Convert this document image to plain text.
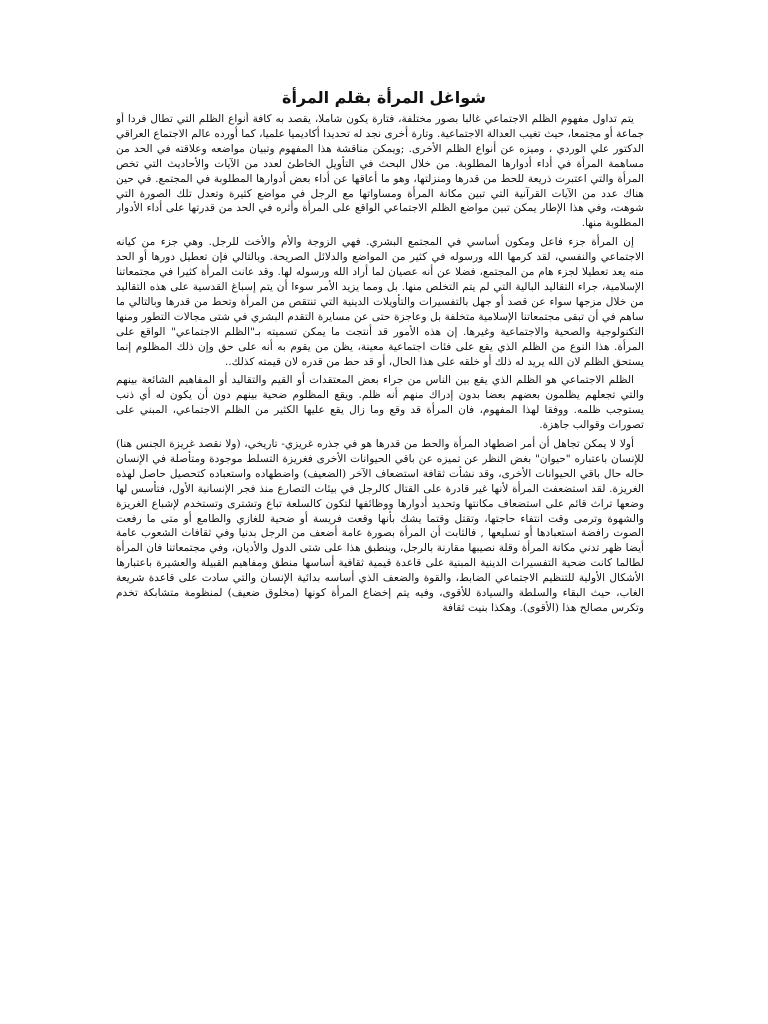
شواغل المرأة بقلم المرأة

يتم تداول مفهوم الظلم الاجتماعي غالبا بصور مختلفة، فتارة يكون شاملا، يقصد به كافة أنواع الظلم التي تطال فردا أو جماعة أو مجتمعا، حيث تغيب العدالة الاجتماعية. وتارة أخرى نجد له تحديدا أكاديميا علميا، كما أورده عالم الاجتماع العراقي الدكتور علي الوردي ، وميزه عن أنواع الظلم الأخرى. ;ويمكن مناقشة هذا المفهوم وتبيان مواضعه وعلاقته في الحد من مساهمة المرأة في أداء أدوارها المطلوبة. من خلال البحث في التأويل الخاطئ لعدد من الآيات والأحاديث التي تخص المرأة والتي اعتبرت ذريعة للحط من قدرها ومنزلتها، وهو ما أعاقها عن أداء بعض أدوارها المطلوبة في المجتمع. في حين هناك عدد من الآيات القرآنية التي تبين مكانة المرأة ومساواتها مع الرجل في مواضع كثيرة وتعدل تلك الصورة التي شوهت، وفي هذا الإطار يمكن تبين مواضع الظلم الاجتماعي الواقع على المرأة وأثره في الحد من قدرتها على أداء الأدوار المطلوبة منها.

إن المرأة جزء فاعل ومكون أساسي في المجتمع البشري. فهي الزوجة والأم والأخت للرجل. وهي جزء من كيانه الاجتماعي والنفسي، لقد كرمها الله ورسوله في كثير من المواضع والدلائل الصريحة. وبالتالي فإن تعطيل دورها أو الحد منه يعد تعطيلا لجزء هام من المجتمع، فضلا عن أنه عصيان لما أراد الله ورسوله لها. وقد عانت المرأة كثيرا في مجتمعاتنا الإسلامية، جراء التقاليد البالية التي لم يتم التخلص منها. بل ومما يزيد الأمر سوءا أن يتم إسباغ القدسية على هذه التقاليد من خلال مزجها سواء عن قصد أو جهل بالتفسيرات والتأويلات الدينية التي تنتقص من المرأة وتحط من قدرها وبالتالي ما ساهم في أن تبقى مجتمعاتنا الإسلامية متخلفة بل وعاجزة حتى عن مسايرة التقدم البشري في شتى مجالات التطور ومنها التكنولوجية والصحية والاجتماعية وغيرها. إن هذه الأمور قد أنتجت ما يمكن تسميته بـ"الظلم الاجتماعي" الواقع على المرأة. هذا النوع من الظلم الذي يقع على فئات اجتماعية معينة، يظن من يقوم به أنه على حق وإن ذلك المظلوم إنما يستحق الظلم لان الله يريد له ذلك أو خلقه على هذا الحال، أو قد حط من قدره لان قيمته كذلك..

الظلم الاجتماعي هو الظلم الذي يقع بين الناس من جراء بعض المعتقدات أو القيم والتقاليد أو المفاهيم الشائعة بينهم والتي تجعلهم يظلمون بعضهم بعضا بدون إدراك منهم أنه ظلم. ويقع المظلوم ضحية بينهم دون أن يكون له أي ذنب يستوجب ظلمه. ووفقا لهذا المفهوم، فان المرأة قد وقع وما زال يقع عليها الكثير من الظلم الاجتماعي، المبني على تصورات وقوالب جاهزة.

أولا لا يمكن تجاهل أن أمر اضطهاد المرأة والحط من قدرها هو في جذره غريزي- تاريخي، (ولا نقصد غريزة الجنس هنا) للإنسان باعتباره "حيوان" بغض النظر عن تميزه عن باقي الحيوانات الأخرى فغريزة التسلط موجودة ومتأصلة في الإنسان حاله حال باقي الحيوانات الأخرى، وقد نشأت ثقافة استضعاف الآخر (الضعيف) واضطهاده واستعباده كتحصيل حاصل لهذه الغريزة. لقد استضعفت المرأة لأنها غير قادرة على القتال كالرجل في بيئات التصارع منذ فجر الإنسانية الأول، فتأسس لها وضعها تراث قائم على استضعاف مكانتها وتحديد أدوارها ووظائفها لتكون كالسلعة تباع وتشترى وتستخدم لإشباع الغريزة والشهوة وترمى وقت انتفاء حاجتها، وتقتل وقتما يشك بأنها وقعت فريسة أو ضحية للغازي والطامع أو متى ما رفعت الصوت رافضة استعبادها أو تسليعها , فالثابت أن المرأة بصورة عامة أضعف من الرجل بدنيا وفي ثقافات الشعوب عامة أيضا ظهر تدني مكانة المرأة وقلة نصيبها مقارنة بالرجل، وينطبق هذا على شتى الدول والأديان، وفي مجتمعاتنا فان المرأة لطالما كانت ضحية التفسيرات الدينية المبنية على قاعدة قيمية ثقافية أساسها منطق ومفاهيم القبيلة والعشيرة باعتبارها الأشكال الأولية للتنظيم الاجتماعي الضابط، والقوة والضعف الذي أساسه بدائية الإنسان والتي سادت على قاعدة شريعة الغاب، حيث البقاء والسلطة والسيادة للأقوى، وفيه يتم إخضاع المرأة كونها (مخلوق ضعيف) لمنظومة متشابكة تخدم وتكرس مصالح هذا (الأقوى). وهكذا بنيت ثقافة
